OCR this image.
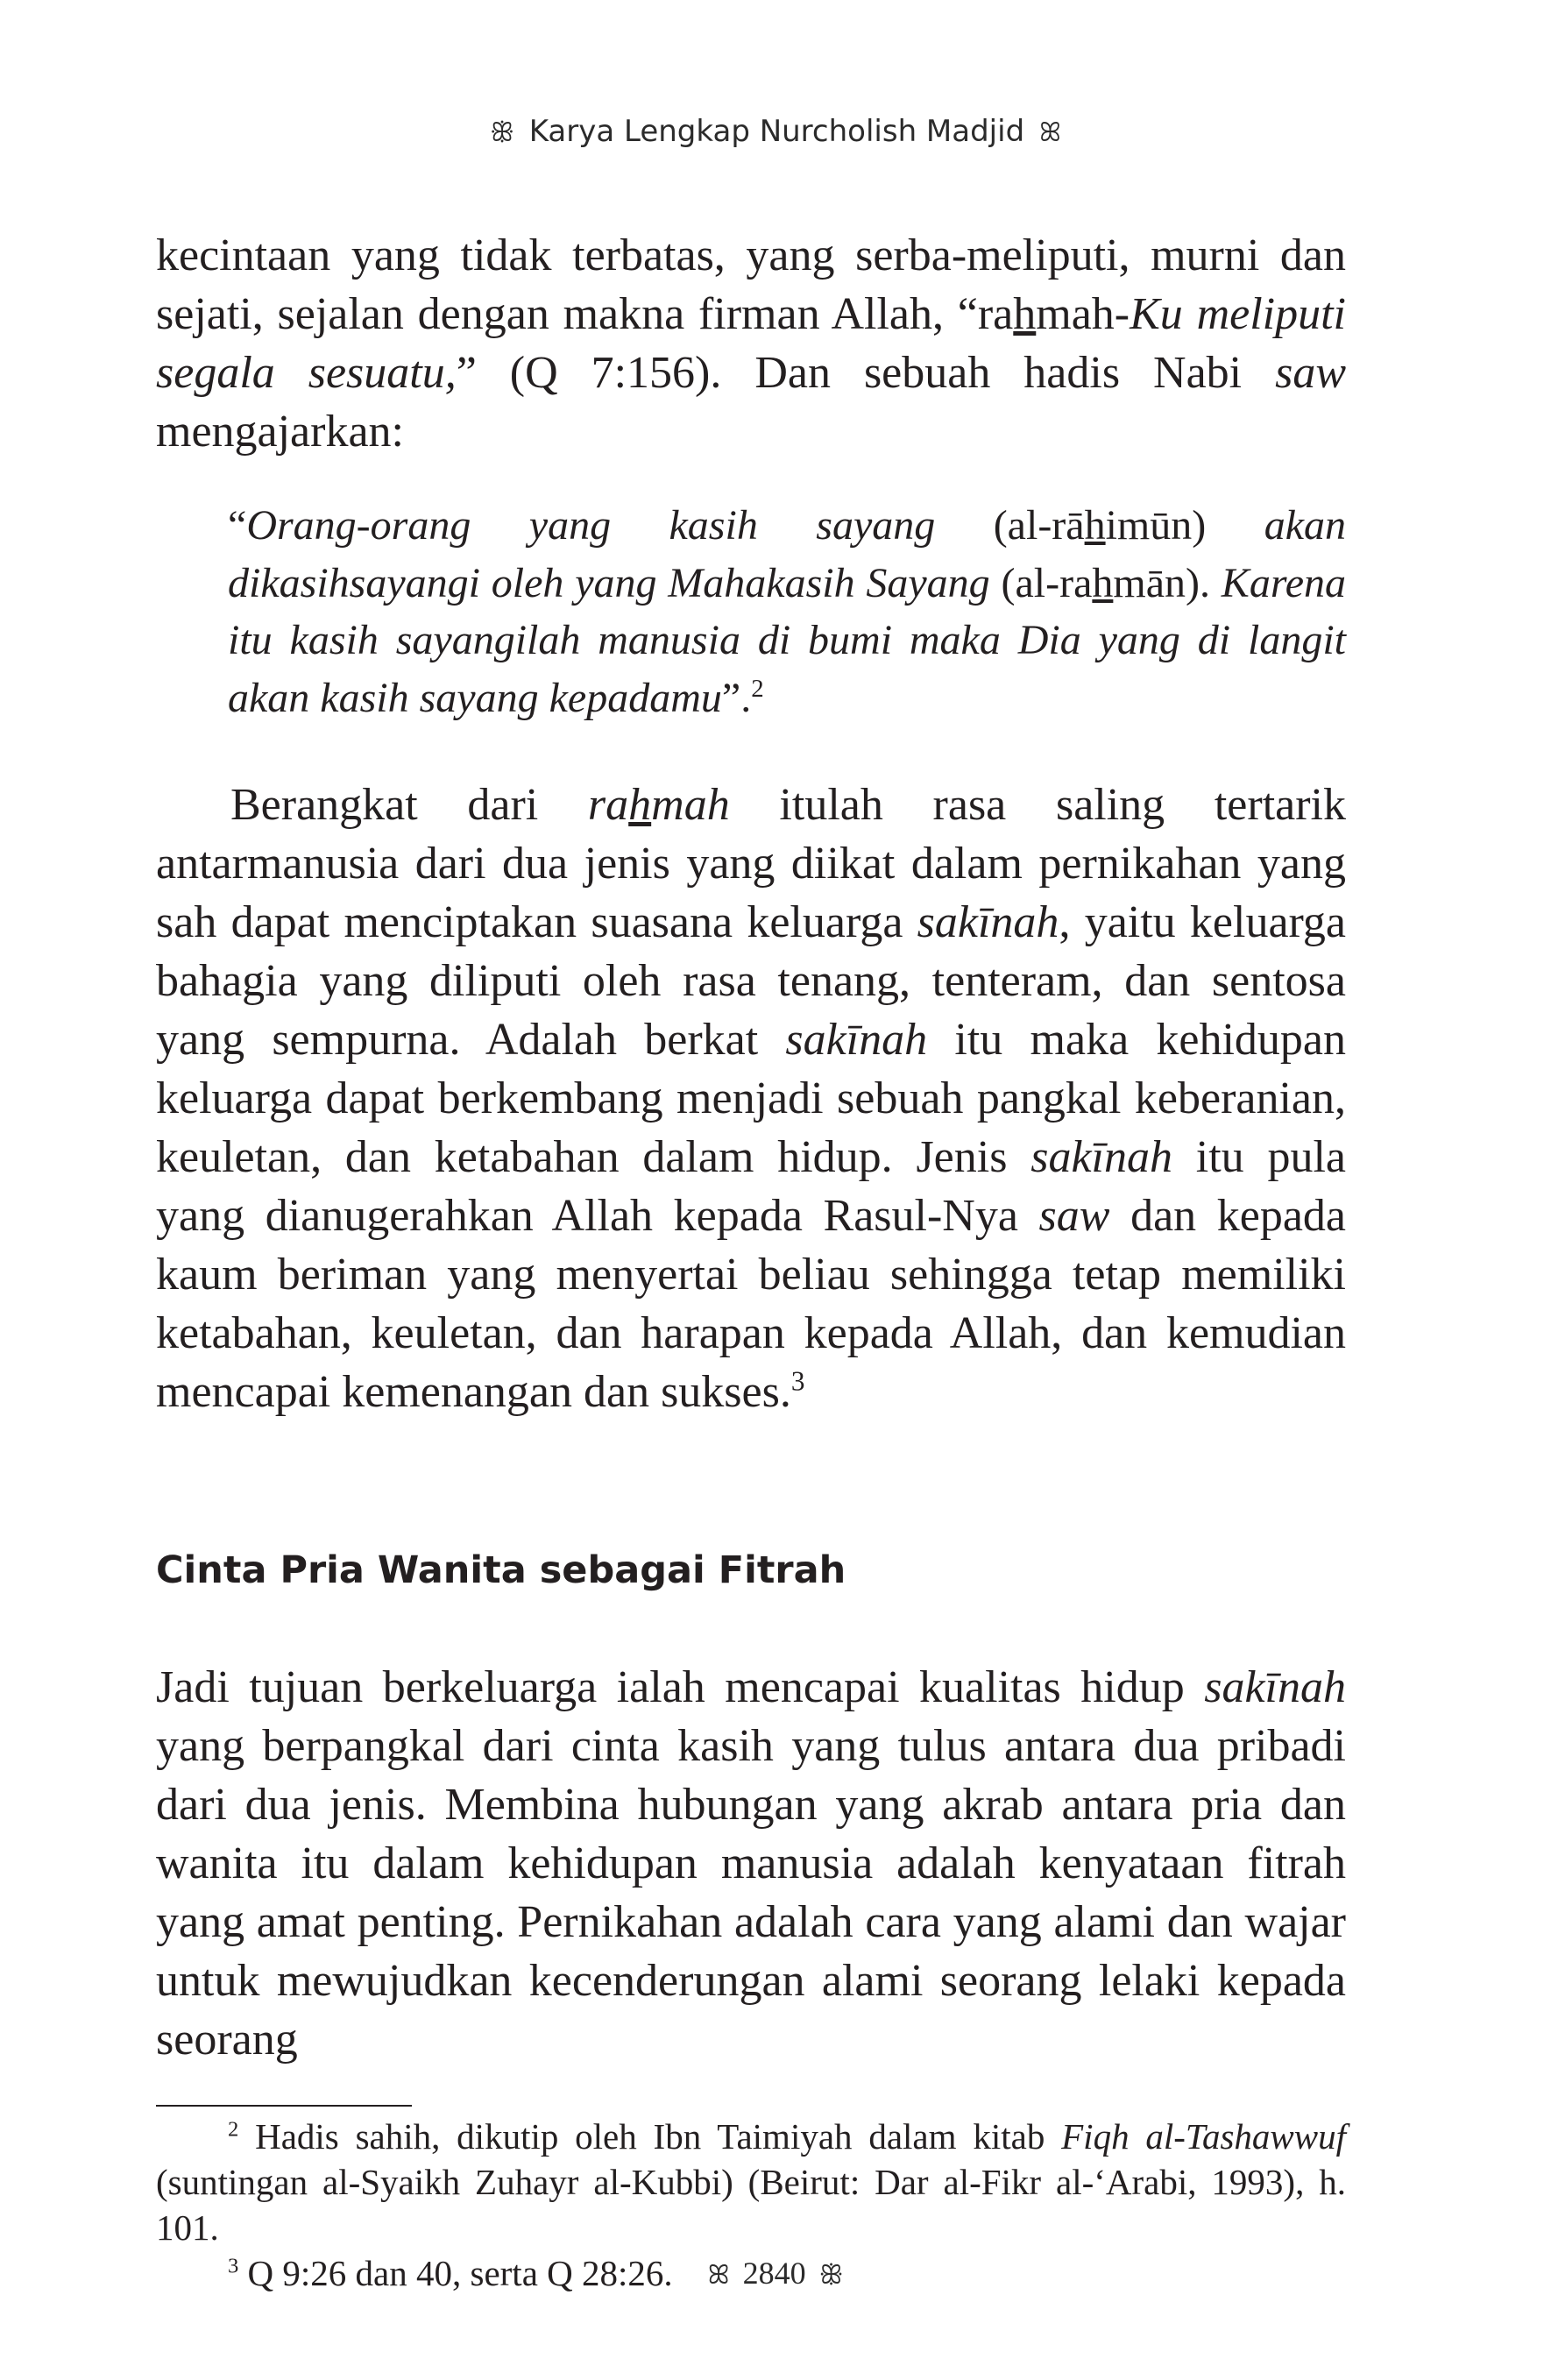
ꕥ Karya Lengkap Nurcholish Madjid ꕤ

kecintaan yang tidak terbatas, yang serba-meliputi, murni dan sejati, sejalan dengan makna firman Allah, “rahmah-Ku meliputi segala sesuatu,” (Q 7:156). Dan sebuah hadis Nabi saw mengajarkan:

“Orang-orang yang kasih sayang (al-rāhimūn) akan dikasihsayangi oleh yang Mahakasih Sayang (al-rahmān). Karena itu kasih sayangilah manusia di bumi maka Dia yang di langit akan kasih sayang kepadamu”.$^2$

Berangkat dari rahmah itulah rasa saling tertarik antarmanusia dari dua jenis yang diikat dalam pernikahan yang sah dapat menciptakan suasana keluarga sakīnah, yaitu keluarga bahagia yang diliputi oleh rasa tenang, tenteram, dan sentosa yang sempurna. Adalah berkat sakīnah itu maka kehidupan keluarga dapat berkembang menjadi sebuah pangkal keberanian, keuletan, dan ketabahan dalam hidup. Jenis sakīnah itu pula yang dianugerahkan Allah kepada Rasul-Nya saw dan kepada kaum beriman yang menyertai beliau sehingga tetap memiliki ketabahan, keuletan, dan harapan kepada Allah, dan kemudian mencapai kemenangan dan sukses.$^3$

Cinta Pria Wanita sebagai Fitrah

Jadi tujuan berkeluarga ialah mencapai kualitas hidup sakīnah yang berpangkal dari cinta kasih yang tulus antara dua pribadi dari dua jenis. Membina hubungan yang akrab antara pria dan wanita itu dalam kehidupan manusia adalah kenyataan fitrah yang amat penting. Pernikahan adalah cara yang alami dan wajar untuk mewujudkan kecenderungan alami seorang lelaki kepada seorang

$^2$ Hadis sahih, dikutip oleh Ibn Taimiyah dalam kitab Fiqh al-Tashawwuf (suntingan al-Syaikh Zuhayr al-Kubbi) (Beirut: Dar al-Fikr al-‘Arabi, 1993), h. 101.

$^3$ Q 9:26 dan 40, serta Q 28:26.	ꕤ 2840 ꕥ
